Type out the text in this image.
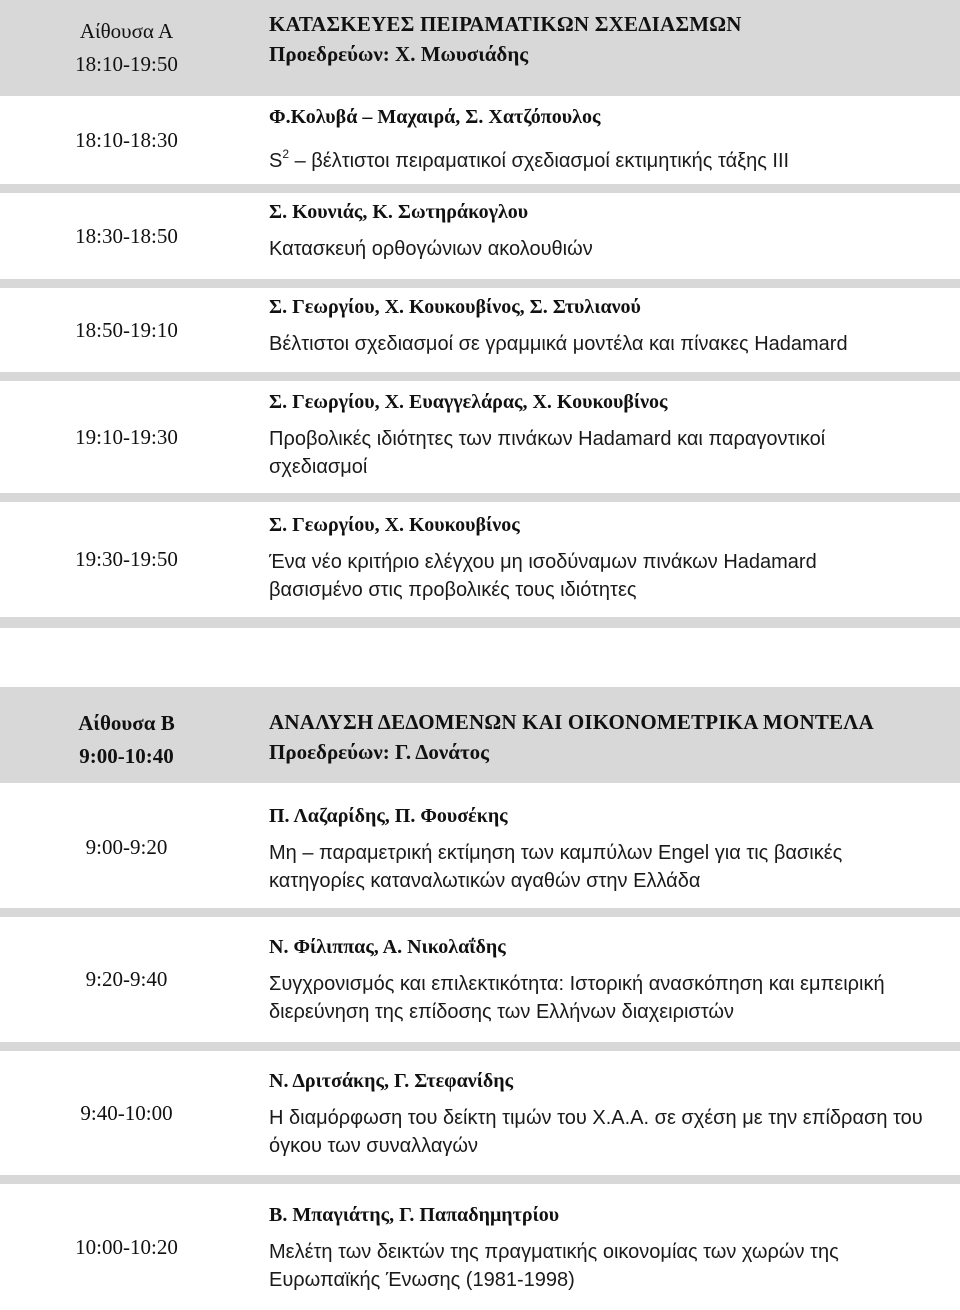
Αίθουσα Α
18:10-19:50
ΚΑΤΑΣΚΕΥΕΣ ΠΕΙΡΑΜΑΤΙΚΩΝ ΣΧΕΔΙΑΣΜΩΝ
Προεδρεύων: Χ. Μωυσιάδης
18:10-18:30
Φ.Κολυβά – Μαχαιρά, Σ. Χατζόπουλος
$S^2$ – βέλτιστοι πειραματικοί σχεδιασμοί εκτιμητικής τάξης ΙΙΙ
18:30-18:50
Σ. Κουνιάς, Κ. Σωτηράκογλου
Κατασκευή ορθογώνιων ακολουθιών
18:50-19:10
Σ. Γεωργίου, Χ. Κουκουβίνος, Σ. Στυλιανού
Βέλτιστοι σχεδιασμοί σε γραμμικά μοντέλα και πίνακες Hadamard
19:10-19:30
Σ. Γεωργίου, Χ. Ευαγγελάρας, Χ. Κουκουβίνος
Προβολικές ιδιότητες των πινάκων Hadamard και παραγοντικοί σχεδιασμοί
19:30-19:50
Σ. Γεωργίου, Χ. Κουκουβίνος
Ένα νέο κριτήριο ελέγχου μη ισοδύναμων πινάκων Hadamard βασισμένο στις προβολικές τους ιδιότητες
Αίθουσα Β
9:00-10:40
ΑΝΑΛΥΣΗ ΔΕΔΟΜΕΝΩΝ ΚΑΙ ΟΙΚΟΝΟΜΕΤΡΙΚΑ ΜΟΝΤΕΛΑ
Προεδρεύων: Γ. Δονάτος
9:00-9:20
Π. Λαζαρίδης, Π. Φουσέκης
Μη – παραμετρική εκτίμηση των καμπύλων Engel για τις βασικές κατηγορίες καταναλωτικών αγαθών στην Ελλάδα
9:20-9:40
Ν. Φίλιππας, Α. Νικολαΐδης
Συγχρονισμός και επιλεκτικότητα: Ιστορική ανασκόπηση και εμπειρική διερεύνηση της επίδοσης των Ελλήνων διαχειριστών
9:40-10:00
Ν. Δριτσάκης, Γ. Στεφανίδης
Η διαμόρφωση του δείκτη τιμών του Χ.Α.Α. σε σχέση με την επίδραση του όγκου των συναλλαγών
10:00-10:20
Β. Μπαγιάτης, Γ. Παπαδημητρίου
Μελέτη των δεικτών της πραγματικής οικονομίας των χωρών της Ευρωπαϊκής Ένωσης (1981-1998)
